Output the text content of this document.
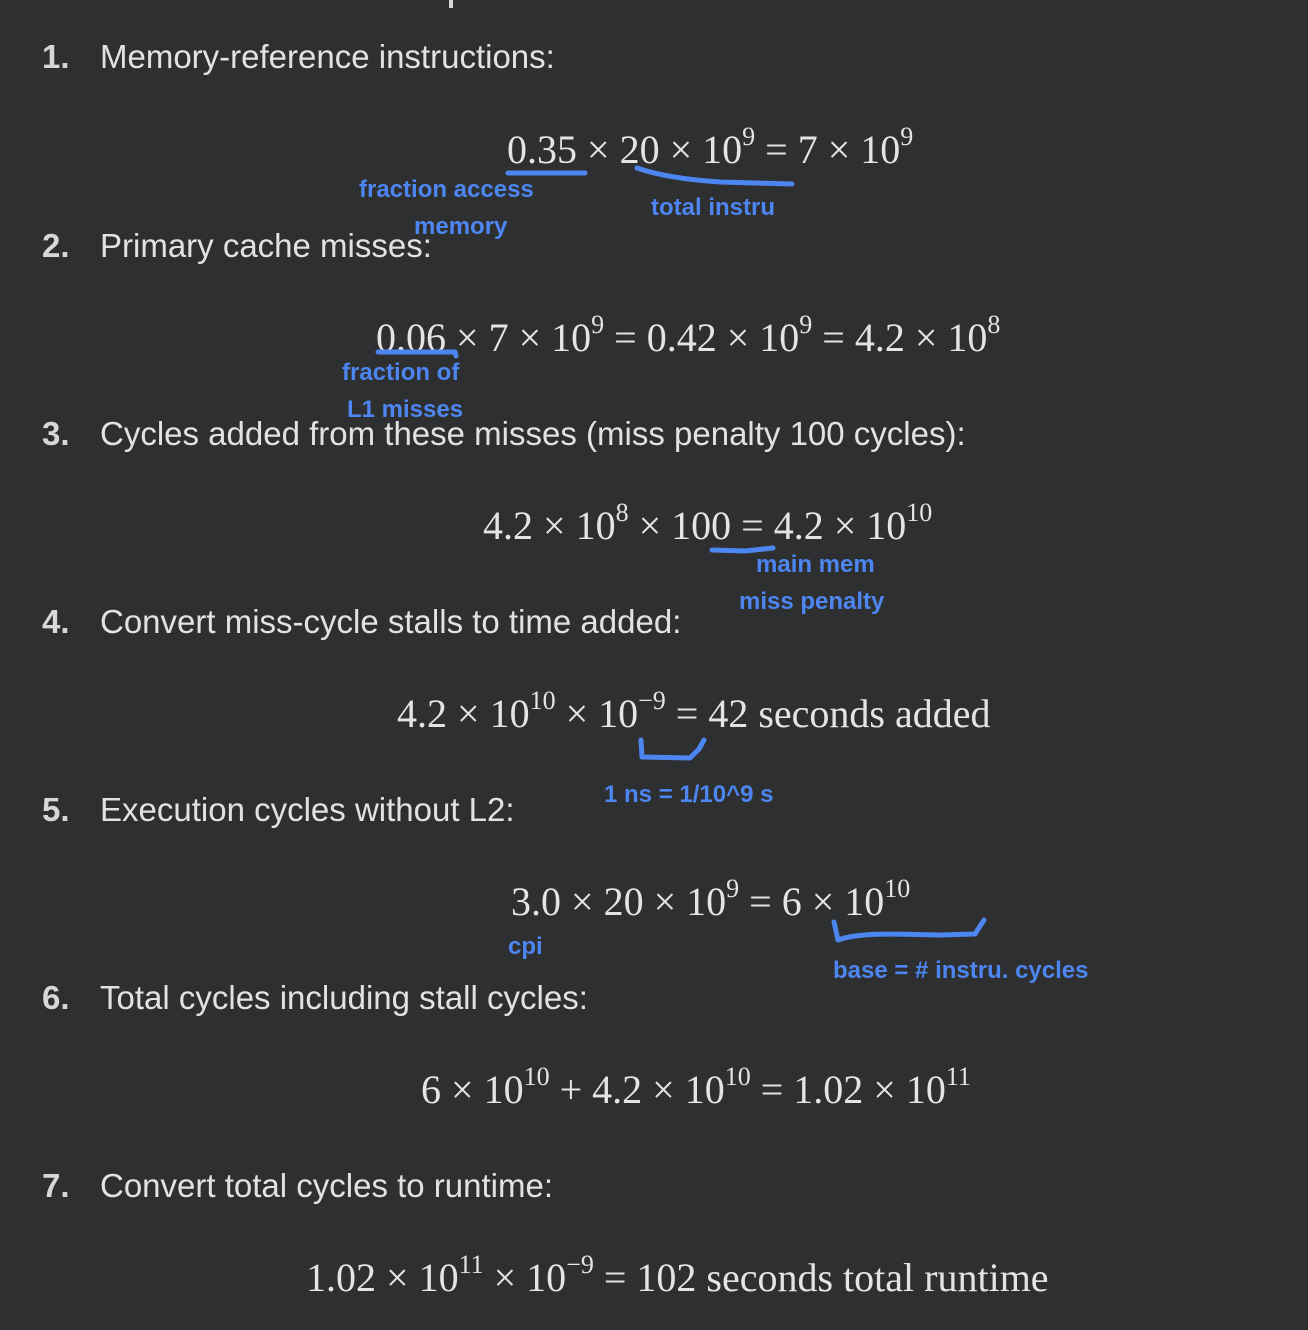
1. Memory-reference instructions:
$0.35 \times 20 \times 10^9 = 7 \times 10^9$
fraction access
memory
total instru
2. Primary cache misses:
$0.06 \times 7 \times 10^9 = 0.42 \times 10^9 = 4.2 \times 10^8$
fraction of
L1 misses
3. Cycles added from these misses (miss penalty 100 cycles):
$4.2 \times 10^8 \times 100 = 4.2 \times 10^{10}$
main mem
miss penalty
4. Convert miss-cycle stalls to time added:
$4.2 \times 10^{10} \times 10^{-9} = 42$ seconds added
1 ns = 1/10^9 s
5. Execution cycles without L2:
$3.0 \times 20 \times 10^9 = 6 \times 10^{10}$
cpi
base = # instru. cycles
6. Total cycles including stall cycles:
$6 \times 10^{10} + 4.2 \times 10^{10} = 1.02 \times 10^{11}$
7. Convert total cycles to runtime:
$1.02 \times 10^{11} \times 10^{-9} = 102$ seconds total runtime
